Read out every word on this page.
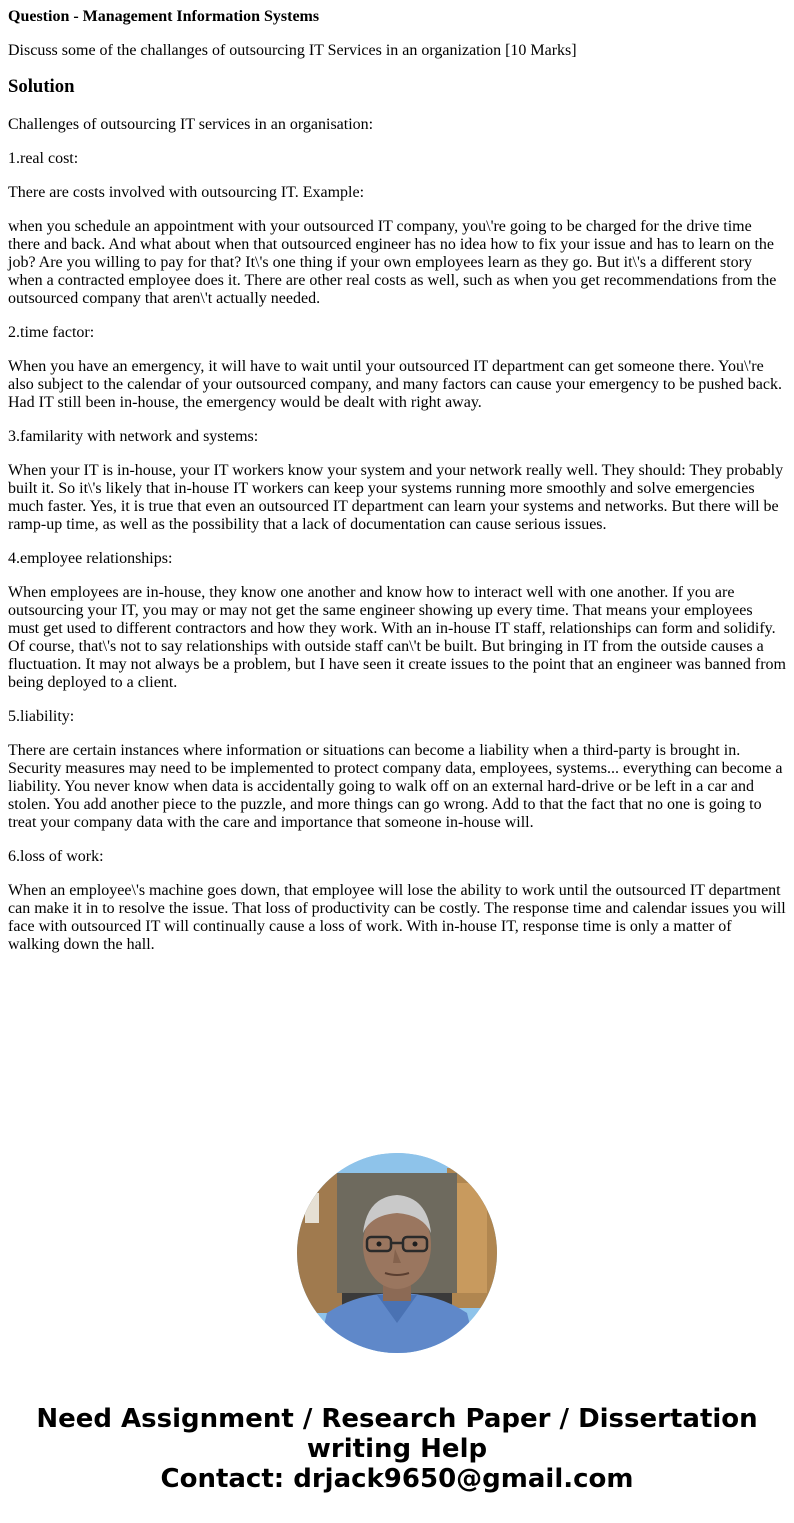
Question - Management Information Systems

Discuss some of the challanges of outsourcing IT Services in an organization [10 Marks]

Solution

Challenges of outsourcing IT services in an organisation:

1.real cost:

There are costs involved with outsourcing IT. Example:

when you schedule an appointment with your outsourced IT company, you\'re going to be charged for the drive time there and back. And what about when that outsourced engineer has no idea how to fix your issue and has to learn on the job? Are you willing to pay for that? It\'s one thing if your own employees learn as they go. But it\'s a different story when a contracted employee does it. There are other real costs as well, such as when you get recommendations from the outsourced company that aren\'t actually needed.

2.time factor:

When you have an emergency, it will have to wait until your outsourced IT department can get someone there. You\'re also subject to the calendar of your outsourced company, and many factors can cause your emergency to be pushed back. Had IT still been in-house, the emergency would be dealt with right away.

3.familarity with network and systems:

When your IT is in-house, your IT workers know your system and your network really well. They should: They probably built it. So it\'s likely that in-house IT workers can keep your systems running more smoothly and solve emergencies much faster. Yes, it is true that even an outsourced IT department can learn your systems and networks. But there will be ramp-up time, as well as the possibility that a lack of documentation can cause serious issues.

4.employee relationships:

When employees are in-house, they know one another and know how to interact well with one another. If you are outsourcing your IT, you may or may not get the same engineer showing up every time. That means your employees must get used to different contractors and how they work. With an in-house IT staff, relationships can form and solidify. Of course, that\'s not to say relationships with outside staff can\'t be built. But bringing in IT from the outside causes a fluctuation. It may not always be a problem, but I have seen it create issues to the point that an engineer was banned from being deployed to a client.

5.liability:

There are certain instances where information or situations can become a liability when a third-party is brought in. Security measures may need to be implemented to protect company data, employees, systems... everything can become a liability. You never know when data is accidentally going to walk off on an external hard-drive or be left in a car and stolen. You add another piece to the puzzle, and more things can go wrong. Add to that the fact that no one is going to treat your company data with the care and importance that someone in-house will.

6.loss of work:

When an employee\'s machine goes down, that employee will lose the ability to work until the outsourced IT department can make it in to resolve the issue. That loss of productivity can be costly. The response time and calendar issues you will face with outsourced IT will continually cause a loss of work. With in-house IT, response time is only a matter of walking down the hall.

Need Assignment / Research Paper / Dissertation
writing Help
Contact: drjack9650@gmail.com
